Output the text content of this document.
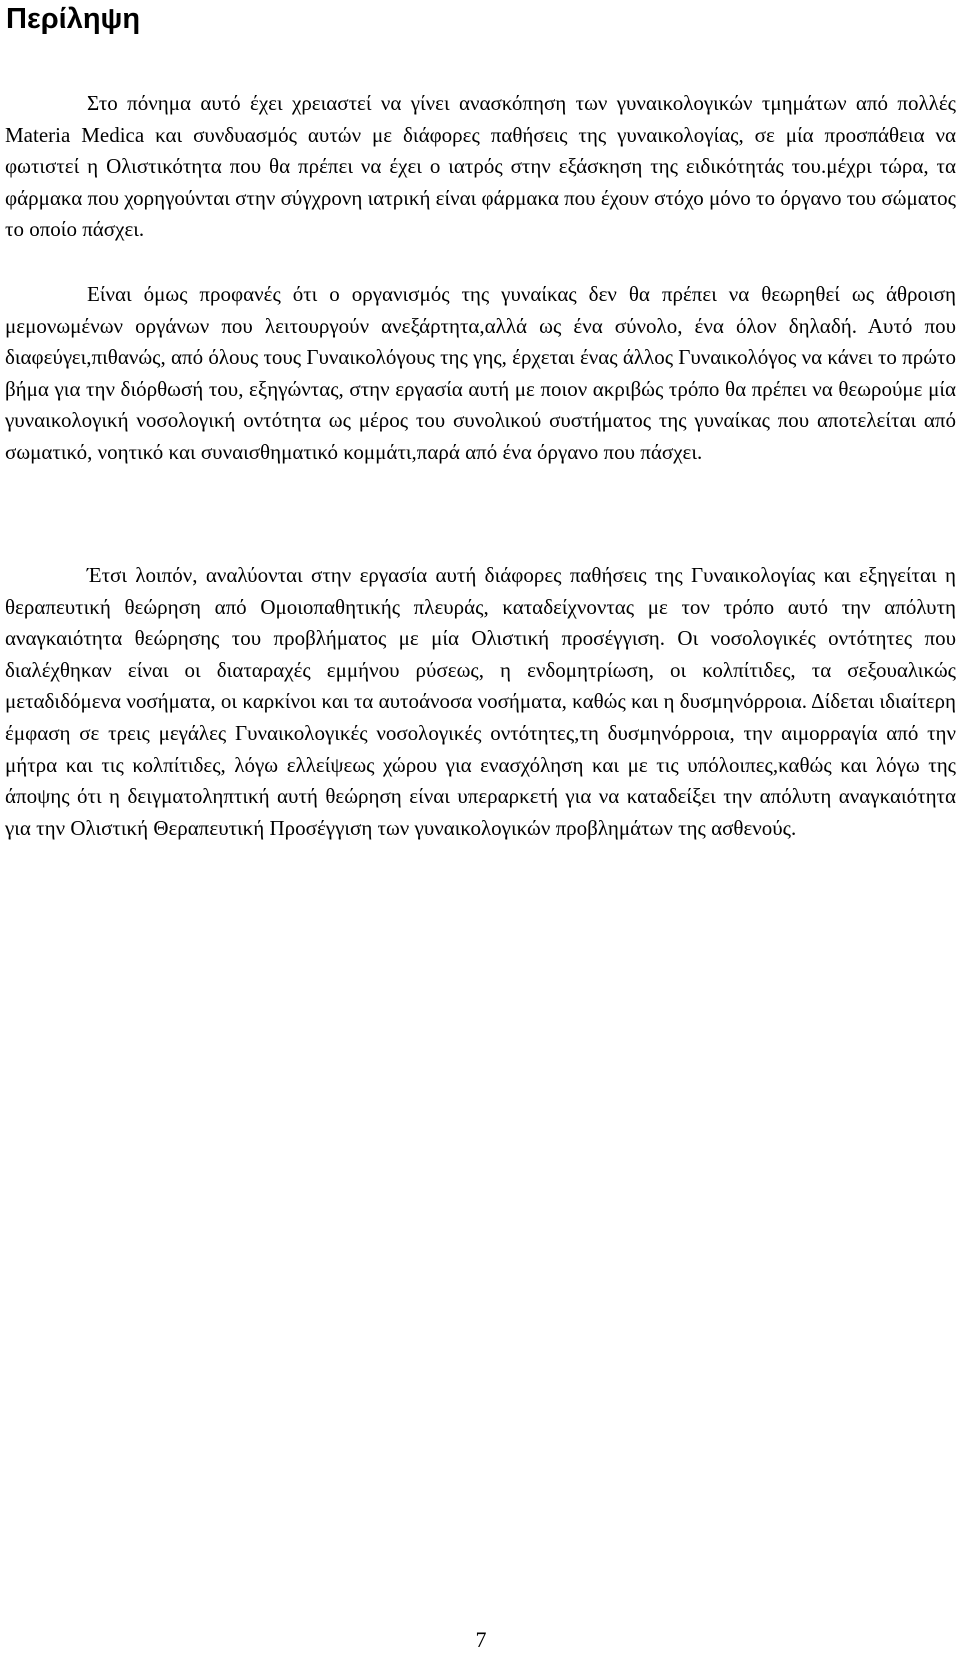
Περίληψη

Στο πόνημα αυτό έχει χρειαστεί να γίνει ανασκόπηση των γυναικολογικών τμημάτων από πολλές Materia Medica και συνδυασμός αυτών με διάφορες παθήσεις της γυναικολογίας, σε μία προσπάθεια να φωτιστεί η Ολιστικότητα που θα πρέπει να έχει ο ιατρός στην εξάσκηση της ειδικότητάς του.μέχρι τώρα, τα φάρμακα που χορηγούνται στην σύγχρονη ιατρική είναι φάρμακα που έχουν στόχο μόνο το όργανο του σώματος το οποίο πάσχει.

Είναι όμως προφανές ότι ο οργανισμός της γυναίκας δεν θα πρέπει να θεωρηθεί ως άθροιση μεμονωμένων οργάνων που λειτουργούν ανεξάρτητα,αλλά ως ένα σύνολο, ένα όλον δηλαδή. Αυτό που διαφεύγει,πιθανώς, από όλους τους Γυναικολόγους της γης, έρχεται ένας άλλος Γυναικολόγος να κάνει το πρώτο βήμα για την διόρθωσή του, εξηγώντας, στην εργασία αυτή με ποιον ακριβώς τρόπο θα πρέπει να θεωρούμε μία γυναικολογική νοσολογική οντότητα ως μέρος του συνολικού συστήματος της γυναίκας που αποτελείται από σωματικό, νοητικό και συναισθηματικό κομμάτι,παρά από ένα όργανο που πάσχει.

Έτσι λοιπόν, αναλύονται στην εργασία αυτή διάφορες παθήσεις της Γυναικολογίας και εξηγείται η θεραπευτική θεώρηση από Ομοιοπαθητικής πλευράς, καταδείχνοντας με τον τρόπο αυτό την απόλυτη αναγκαιότητα θεώρησης του προβλήματος με μία Ολιστική προσέγγιση. Οι νοσολογικές οντότητες που διαλέχθηκαν είναι οι διαταραχές εμμήνου ρύσεως, η ενδομητρίωση, οι κολπίτιδες, τα σεξουαλικώς μεταδιδόμενα νοσήματα, οι καρκίνοι και τα αυτοάνοσα νοσήματα, καθώς και η δυσμηνόρροια. Δίδεται ιδιαίτερη έμφαση σε τρεις μεγάλες Γυναικολογικές νοσολογικές οντότητες,τη δυσμηνόρροια, την αιμορραγία από την μήτρα και τις κολπίτιδες, λόγω ελλείψεως χώρου για ενασχόληση και με τις υπόλοιπες,καθώς και λόγω της άποψης ότι η δειγματοληπτική αυτή θεώρηση είναι υπεραρκετή για να καταδείξει την απόλυτη αναγκαιότητα για την Ολιστική Θεραπευτική Προσέγγιση των γυναικολογικών προβλημάτων της ασθενούς.

7
